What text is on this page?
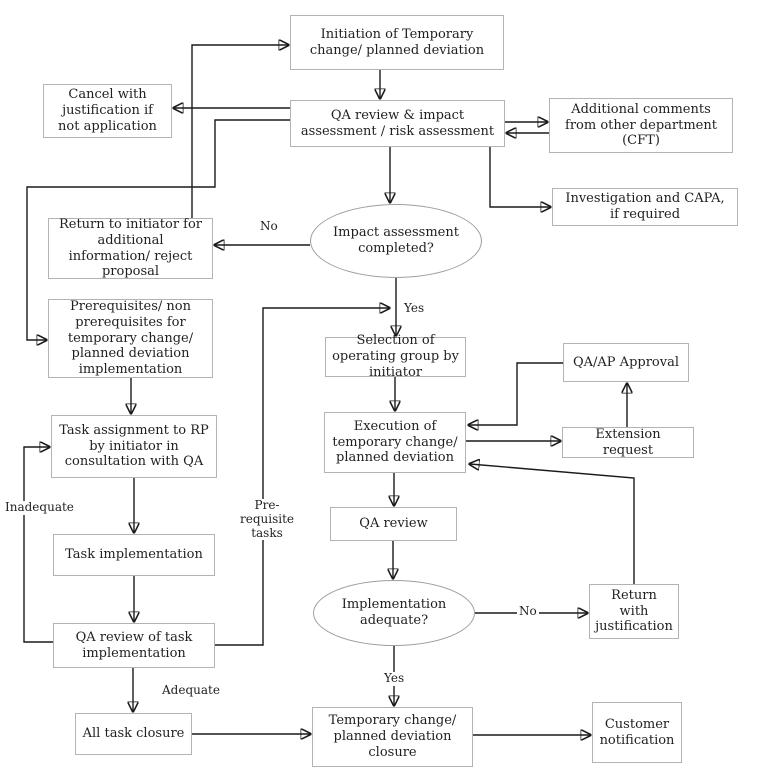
Initiation of Temporary change/ planned deviation
QA review & impact assessment / risk assessment
Cancel with justification if not application
Additional comments from other department (CFT)
Investigation and CAPA, if required
Impact assessment completed?
Return to initiator for additional information/ reject proposal
Prerequisites/ non prerequisites for temporary change/ planned deviation implementation
Selection of operating group by initiator
QA/AP Approval
Task assignment to RP by initiator in consultation with QA
Execution of temporary change/ planned deviation
Extension request
Task implementation
QA review
QA review of task implementation
Implementation adequate?
Return with justification
All task closure
Temporary change/ planned deviation closure
Customer notification
No
Yes
Pre-requisite tasks
Inadequate
Adequate
No
Yes
